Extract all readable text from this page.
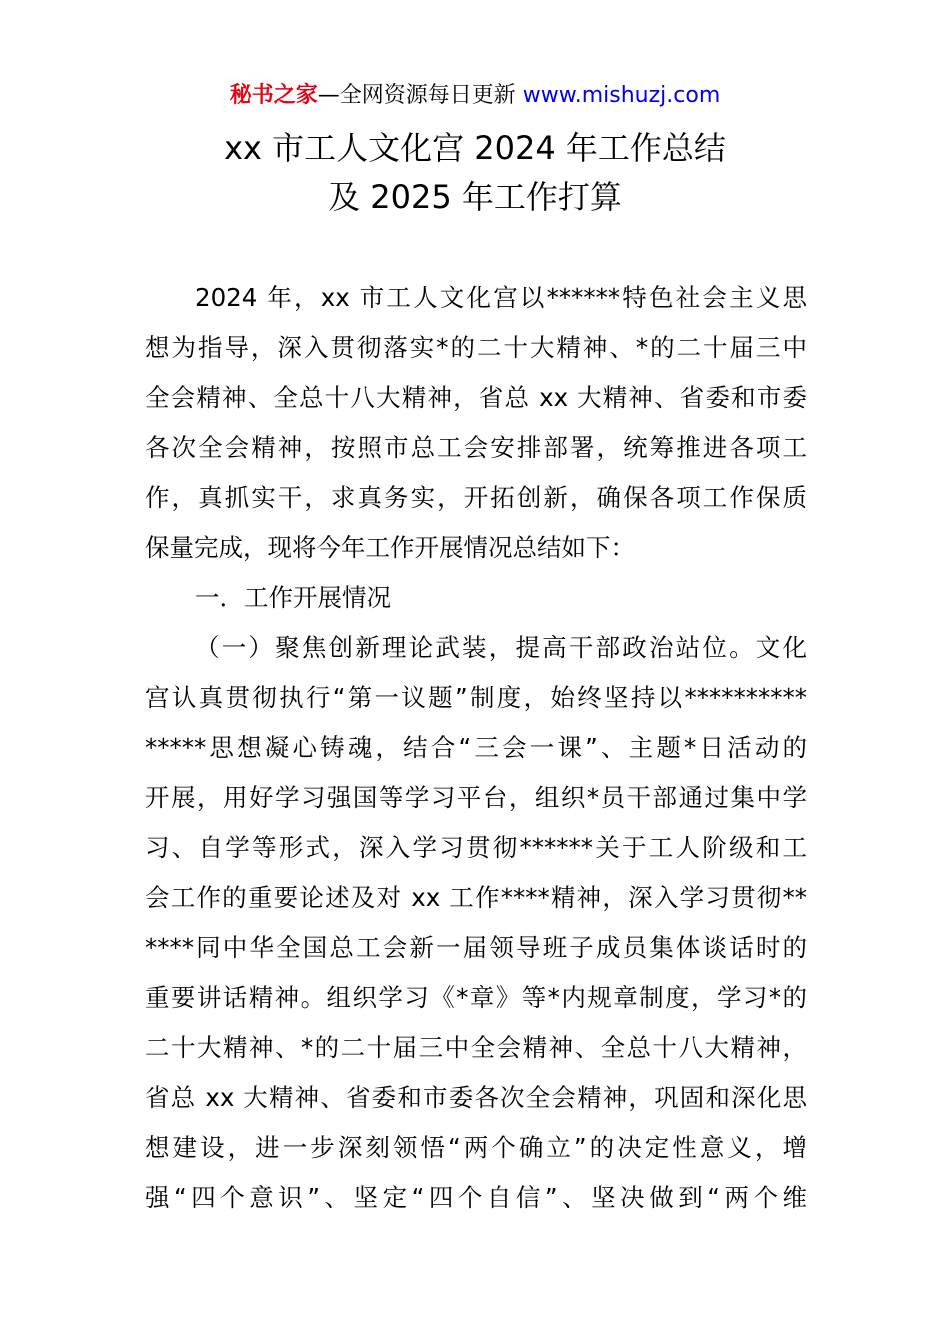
秘书之家—全网资源每日更新 www.mishuzj.com
xx 市工人文化宫 2024 年工作总结
及 2025 年工作打算
2024 年，xx 市工人文化宫以******特色社会主义思
想为指导，深入贯彻落实*的二十大精神、*的二十届三中
全会精神、全总十八大精神，省总 xx 大精神、省委和市委
各次全会精神，按照市总工会安排部署，统筹推进各项工
作，真抓实干，求真务实，开拓创新，确保各项工作保质
保量完成，现将今年工作开展情况总结如下：
一．工作开展情况
（一）聚焦创新理论武装，提高干部政治站位。文化
宫认真贯彻执行“第一议题”制度，始终坚持以**********
*****思想凝心铸魂，结合“三会一课”、主题*日活动的
开展，用好学习强国等学习平台，组织*员干部通过集中学
习、自学等形式，深入学习贯彻******关于工人阶级和工
会工作的重要论述及对 xx 工作****精神，深入学习贯彻**
****同中华全国总工会新一届领导班子成员集体谈话时的
重要讲话精神。组织学习《*章》等*内规章制度，学习*的
二十大精神、*的二十届三中全会精神、全总十八大精神，
省总 xx 大精神、省委和市委各次全会精神，巩固和深化思
想建设，进一步深刻领悟“两个确立”的决定性意义，增
强“四个意识”、坚定“四个自信”、坚决做到“两个维
